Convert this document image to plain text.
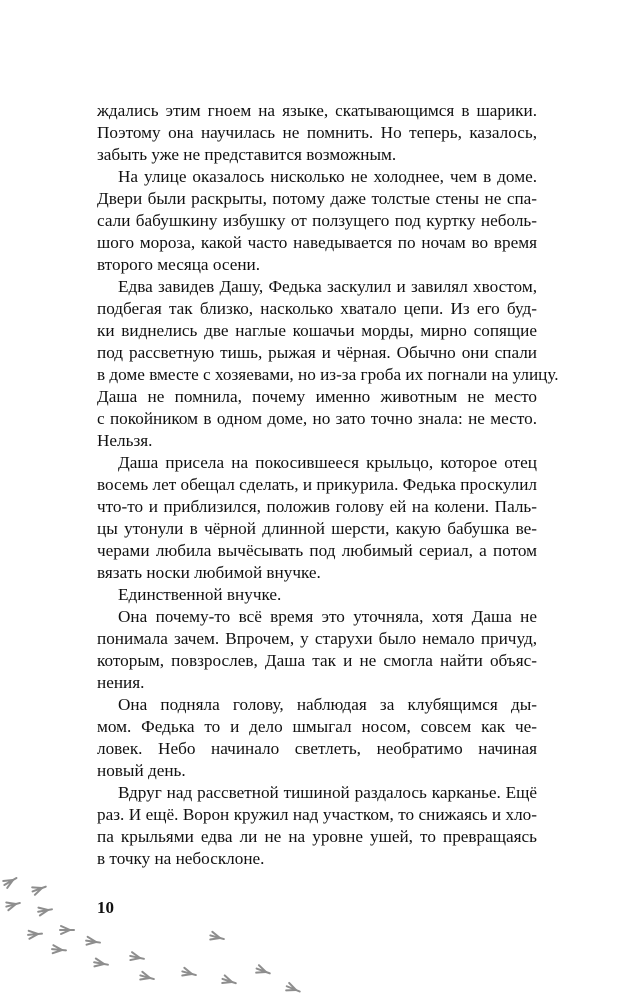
ждались этим гноем на языке, скатывающимся в шарики.
Поэтому она научилась не помнить. Но теперь, казалось,
забыть уже не представится возможным.
На улице оказалось нисколько не холоднее, чем в доме.
Двери были раскрыты, потому даже толстые стены не спа-
сали бабушкину избушку от ползущего под куртку неболь-
шого мороза, какой часто наведывается по ночам во время
второго месяца осени.
Едва завидев Дашу, Федька заскулил и завилял хвостом,
подбегая так близко, насколько хватало цепи. Из его буд-
ки виднелись две наглые кошачьи морды, мирно сопящие
под рассветную тишь, рыжая и чёрная. Обычно они спали
в доме вместе с хозяевами, но из-за гроба их погнали на улицу.
Даша не помнила, почему именно животным не место
с покойником в одном доме, но зато точно знала: не место.
Нельзя.
Даша присела на покосившееся крыльцо, которое отец
восемь лет обещал сделать, и прикурила. Федька проскулил
что-то и приблизился, положив голову ей на колени. Паль-
цы утонули в чёрной длинной шерсти, какую бабушка ве-
черами любила вычёсывать под любимый сериал, а потом
вязать носки любимой внучке.
Единственной внучке.
Она почему-то всё время это уточняла, хотя Даша не
понимала зачем. Впрочем, у старухи было немало причуд,
которым, повзрослев, Даша так и не смогла найти объяс-
нения.
Она подняла голову, наблюдая за клубящимся ды-
мом. Федька то и дело шмыгал носом, совсем как че-
ловек. Небо начинало светлеть, необратимо начиная
новый день.
Вдруг над рассветной тишиной раздалось карканье. Ещё
раз. И ещё. Ворон кружил над участком, то снижаясь и хло-
па крыльями едва ли не на уровне ушей, то превращаясь
в точку на небосклоне.
10
